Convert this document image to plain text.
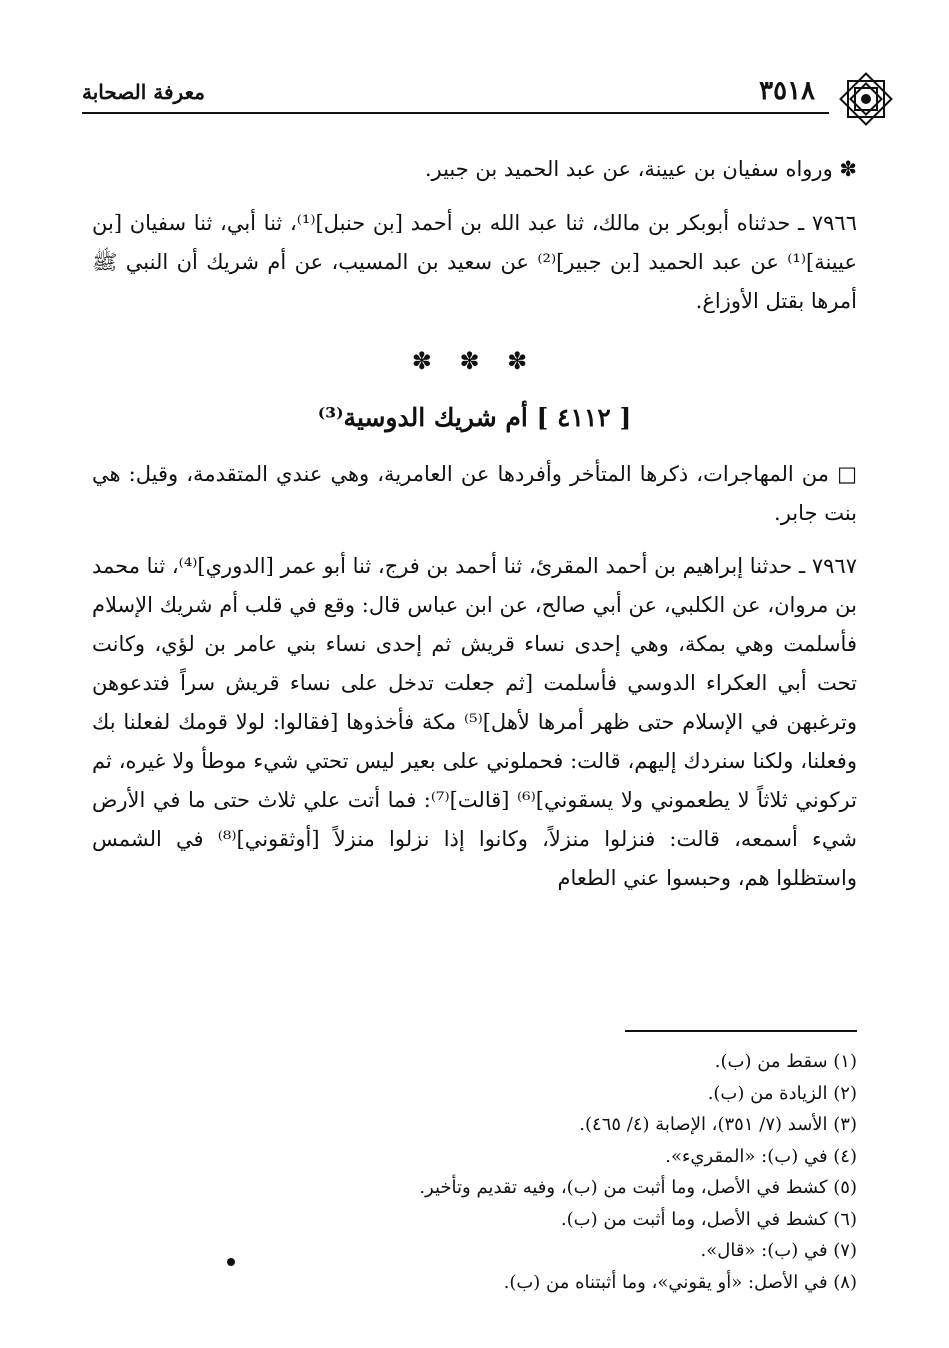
٣٥١٨
معرفة الصحابة

✽ ورواه سفيان بن عيينة، عن عبد الحميد بن جبير.

٧٩٦٦ ـ حدثناه أبوبكر بن مالك، ثنا عبد الله بن أحمد [بن حنبل]⁽¹⁾، ثنا أبي، ثنا سفيان [بن عيينة]⁽¹⁾ عن عبد الحميد [بن جبير]⁽²⁾ عن سعيد بن المسيب، عن أم شريك أن النبي ﷺ أمرها بقتل الأوزاغ.

✽ ✽ ✽
[ ٤١١٢ ] أم شريك الدوسية⁽³⁾

□ من المهاجرات، ذكرها المتأخر وأفردها عن العامرية، وهي عندي المتقدمة، وقيل: هي بنت جابر.

٧٩٦٧ ـ حدثنا إبراهيم بن أحمد المقرئ، ثنا أحمد بن فرج، ثنا أبو عمر [الدوري]⁽⁴⁾، ثنا محمد بن مروان، عن الكلبي، عن أبي صالح، عن ابن عباس قال: وقع في قلب أم شريك الإسلام فأسلمت وهي بمكة، وهي إحدى نساء قريش ثم إحدى نساء بني عامر بن لؤي، وكانت تحت أبي العكراء الدوسي فأسلمت [ثم جعلت تدخل على نساء قريش سراً فتدعوهن وترغبهن في الإسلام حتى ظهر أمرها لأهل]⁽⁵⁾ مكة فأخذوها [فقالوا: لولا قومك لفعلنا بك وفعلنا، ولكنا سنردك إليهم، قالت: فحملوني على بعير ليس تحتي شيء موطأ ولا غيره، ثم تركوني ثلاثاً لا يطعموني ولا يسقوني]⁽⁶⁾ [قالت]⁽⁷⁾: فما أتت علي ثلاث حتى ما في الأرض شيء أسمعه، قالت: فنزلوا منزلاً، وكانوا إذا نزلوا منزلاً [أوثقوني]⁽⁸⁾ في الشمس واستظلوا هم، وحبسوا عني الطعام

(١) سقط من (ب).
(٢) الزيادة من (ب).
(٣) الأسد (٧/ ٣٥١)، الإصابة (٤/ ٤٦٥).
(٤) في (ب): «المقريء».
(٥) كشط في الأصل، وما أثبت من (ب)، وفيه تقديم وتأخير.
(٦) كشط في الأصل، وما أثبت من (ب).
(٧) في (ب): «قال».
(٨) في الأصل: «أو يقوني»، وما أثبتناه من (ب).
